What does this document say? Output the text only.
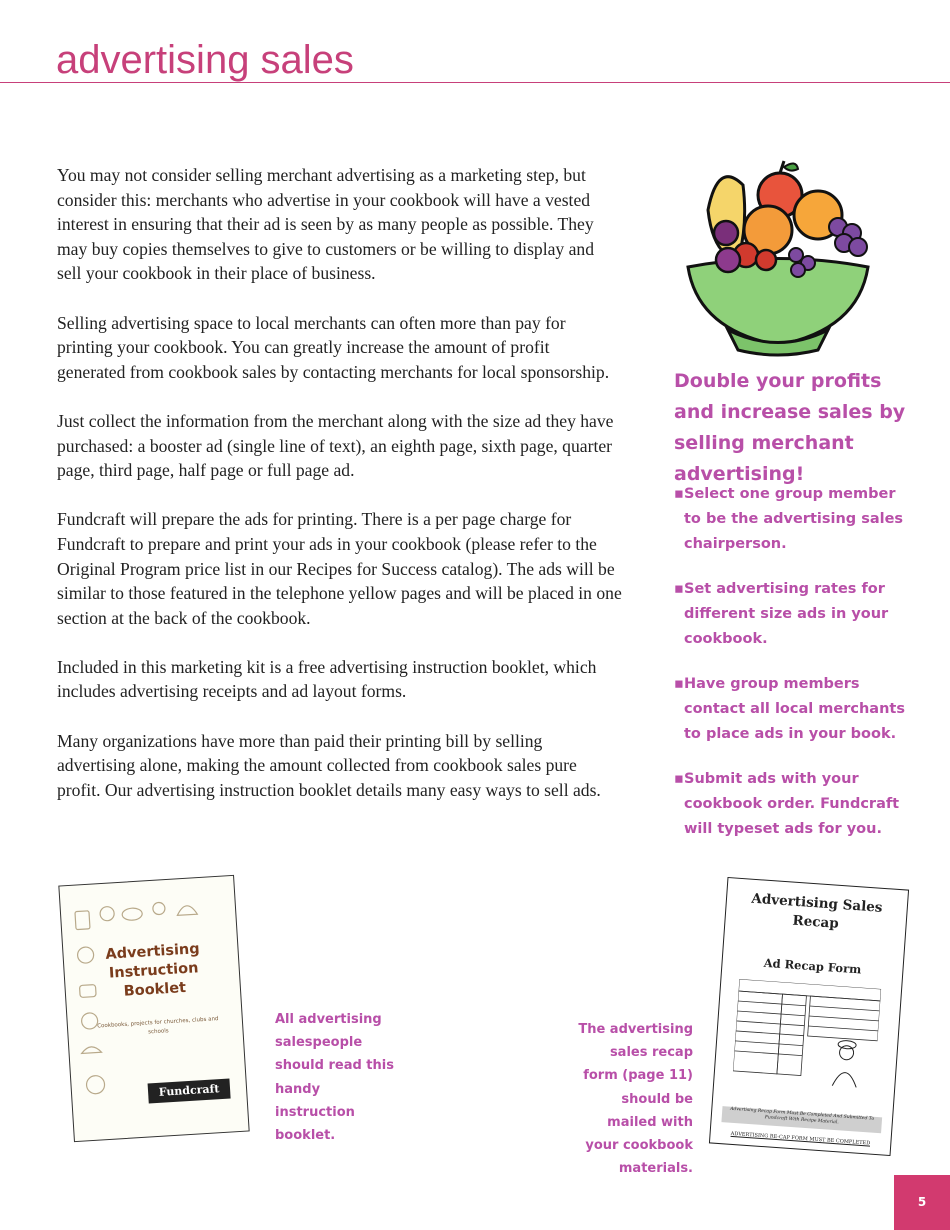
advertising sales

You may not consider selling merchant advertising as a marketing step, but consider this: merchants who advertise in your cookbook will have a vested interest in ensuring that their ad is seen by as many people as possible. They may buy copies themselves to give to customers or be willing to display and sell your cookbook in their place of business.

Selling advertising space to local merchants can often more than pay for printing your cookbook. You can greatly increase the amount of profit generated from cookbook sales by contacting merchants for local sponsorship.

Just collect the information from the merchant along with the size ad they have purchased: a booster ad (single line of text), an eighth page, sixth page, quarter page, third page, half page or full page ad.

Fundcraft will prepare the ads for printing. There is a per page charge for Fundcraft to prepare and print your ads in your cookbook (please refer to the Original Program price list in our Recipes for Success catalog). The ads will be similar to those featured in the telephone yellow pages and will be placed in one section at the back of the cookbook.

Included in this marketing kit is a free advertising instruction booklet, which includes advertising receipts and ad layout forms.

Many organizations have more than paid their printing bill by selling advertising alone, making the amount collected from cookbook sales pure profit. Our advertising instruction booklet details many easy ways to sell ads.

Double your profits and increase sales by selling merchant advertising!
▪ Select one group member to be the advertising sales chairperson.
▪ Set advertising rates for different size ads in your cookbook.
▪ Have group members contact all local merchants to place ads in your book.
▪ Submit ads with your cookbook order. Fundcraft will typeset ads for you.
Advertising Instruction Booklet
Cookbooks, projects for churches, clubs and schools
Fundcraft
All advertising salespeople should read this handy instruction booklet.
The advertising sales recap form (page 11) should be mailed with your cookbook materials.
Advertising Sales Recap
Ad Recap Form
Advertising Recap Form Must Be Completed And Submitted To Fundcraft With Recipe Material.
ADVERTISING RE-CAP FORM MUST BE COMPLETED
5
